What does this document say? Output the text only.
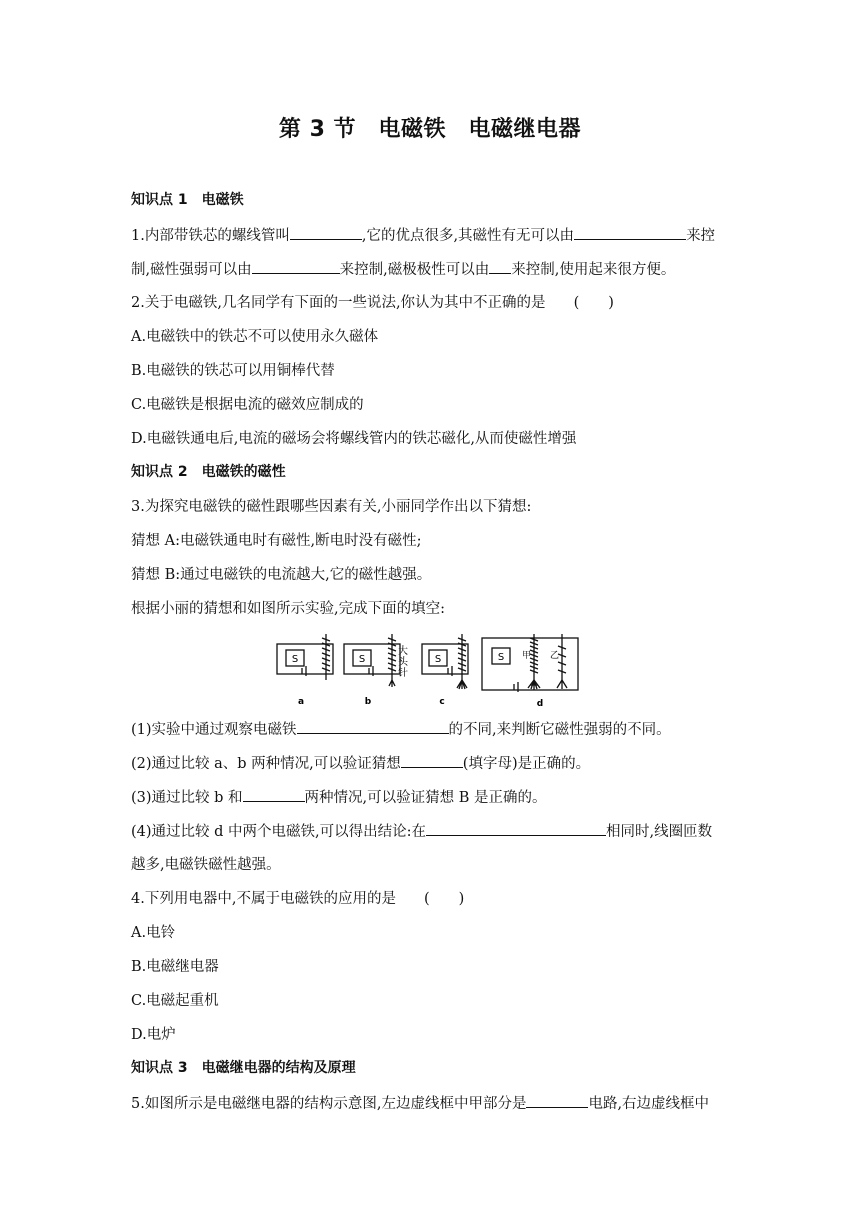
第 3 节　电磁铁　电磁继电器
知识点 1　电磁铁
1.内部带铁芯的螺线管叫	,它的优点很多,其磁性有无可以由	来控
制,磁性强弱可以由	来控制,磁极极性可以由 来控制,使用起来很方便。
2.关于电磁铁,几名同学有下面的一些说法,你认为其中不正确的是 (　　)
A.电磁铁中的铁芯不可以使用永久磁体
B.电磁铁的铁芯可以用铜棒代替
C.电磁铁是根据电流的磁效应制成的
D.电磁铁通电后,电流的磁场会将螺线管内的铁芯磁化,从而使磁性增强
知识点 2　电磁铁的磁性
3.为探究电磁铁的磁性跟哪些因素有关,小丽同学作出以下猜想:
猜想 A:电磁铁通电时有磁性,断电时没有磁性;
猜想 B:通过电磁铁的电流越大,它的磁性越强。
根据小丽的猜想和如图所示实验,完成下面的填空:
S	S	S	S
大头针
甲 乙
a	b	c	d
(1)实验中通过观察电磁铁	的不同,来判断它磁性强弱的不同。
(2)通过比较 a、b 两种情况,可以验证猜想	(填字母)是正确的。
(3)通过比较 b 和	两种情况,可以验证猜想 B 是正确的。
(4)通过比较 d 中两个电磁铁,可以得出结论:在	相同时,线圈匝数
越多,电磁铁磁性越强。
4.下列用电器中,不属于电磁铁的应用的是 (　　)
A.电铃
B.电磁继电器
C.电磁起重机
D.电炉
知识点 3　电磁继电器的结构及原理
5.如图所示是电磁继电器的结构示意图,左边虚线框中甲部分是	电路,右边虚线框中
